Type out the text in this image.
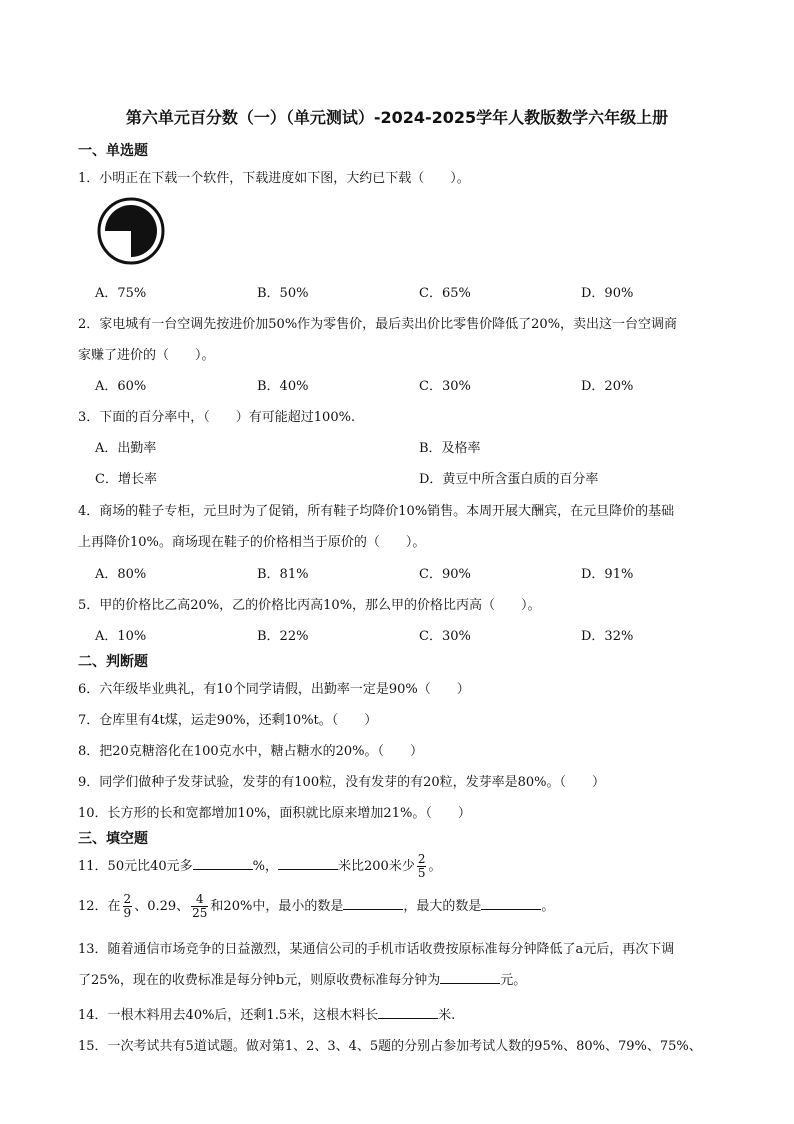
第六单元百分数（一）（单元测试）-2024-2025学年人教版数学六年级上册
一、单选题
1．小明正在下载一个软件，下载进度如下图，大约已下载（　　）。
A．75%	B．50%	C．65%	D．90%
2．家电城有一台空调先按进价加50%作为零售价，最后卖出价比零售价降低了20%，卖出这一台空调商
家赚了进价的（　　）。
A．60%	B．40%	C．30%	D．20%
3．下面的百分率中，（　　）有可能超过100%.
A．出勤率	B．及格率
C．增长率	D．黄豆中所含蛋白质的百分率
4．商场的鞋子专柜，元旦时为了促销，所有鞋子均降价10%销售。本周开展大酬宾，在元旦降价的基础
上再降价10%。商场现在鞋子的价格相当于原价的（　　）。
A．80%	B．81%	C．90%	D．91%
5．甲的价格比乙高20%，乙的价格比丙高10%，那么甲的价格比丙高（　　）。
A．10%	B．22%	C．30%	D．32%
二、判断题
6．六年级毕业典礼，有10个同学请假，出勤率一定是90%（　　）
7．仓库里有4t煤，运走90%，还剩10%t。（　　）
8．把20克糖溶化在100克水中，糖占糖水的20%。（　　）
9．同学们做种子发芽试验，发芽的有100粒，没有发芽的有20粒，发芽率是80%。（　　）
10．长方形的长和宽都增加10%，面积就比原来增加21%。（　　）
三、填空题
11．50元比40元多	%，	米比200米少 $\frac{2}{5}$ 。
12．在 $\frac{2}{9}$ 、0.29、 $\frac{4}{25}$ 和20%中，最小的数是	，最大的数是	。
13．随着通信市场竞争的日益激烈，某通信公司的手机市话收费按原标准每分钟降低了a元后，再次下调
了25%，现在的收费标准是每分钟b元，则原收费标准每分钟为	元。
14．一根木料用去40%后，还剩1.5米，这根木料长	米.
15．一次考试共有5道试题。做对第1、2、3、4、5题的分别占参加考试人数的95%、80%、79%、75%、
